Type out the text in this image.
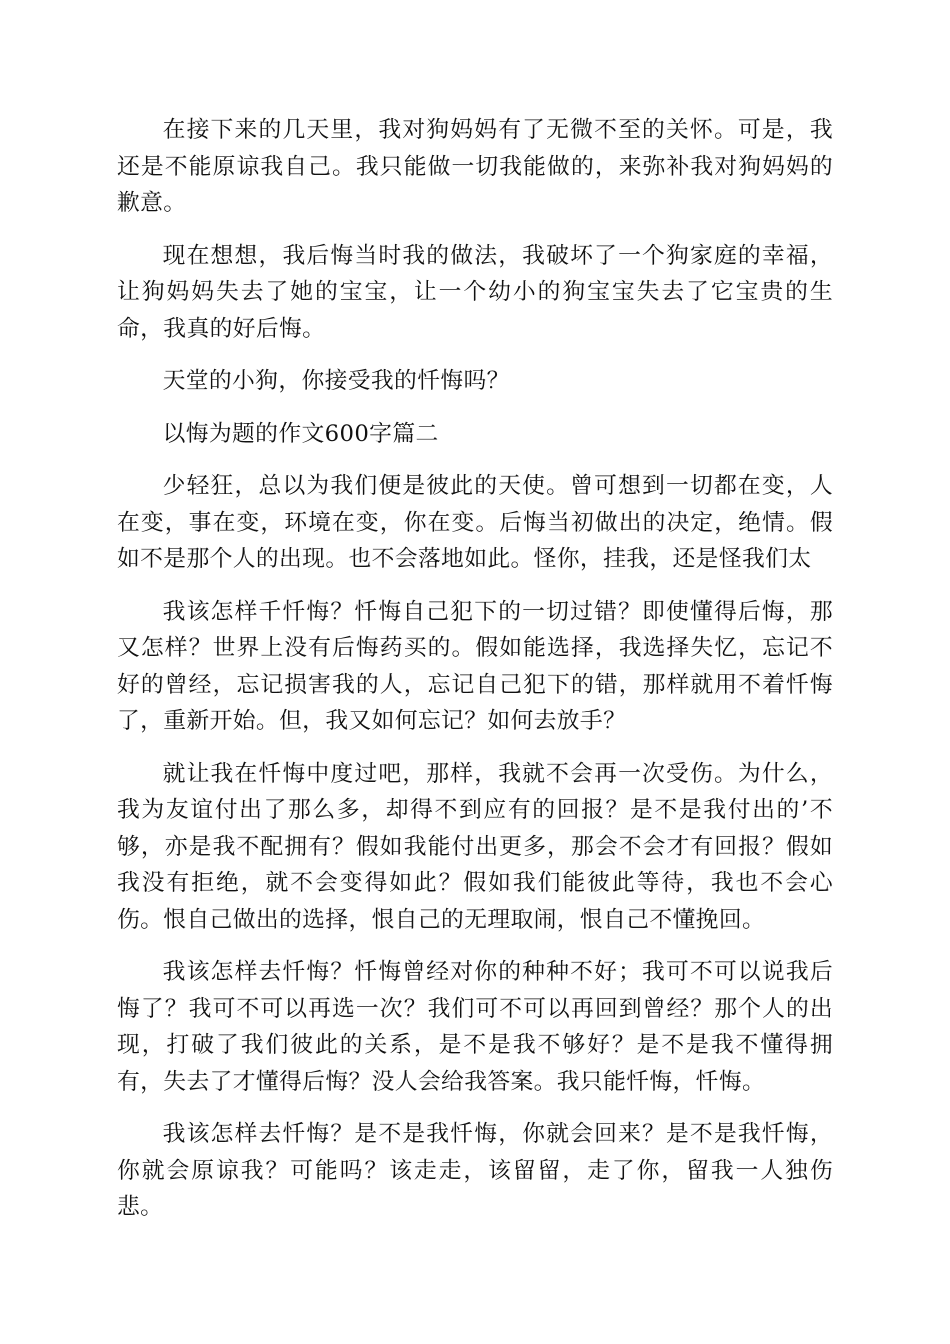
在接下来的几天里，我对狗妈妈有了无微不至的关怀。可是，我还是不能原谅我自己。我只能做一切我能做的，来弥补我对狗妈妈的歉意。

现在想想，我后悔当时我的做法，我破坏了一个狗家庭的幸福，让狗妈妈失去了她的宝宝，让一个幼小的狗宝宝失去了它宝贵的生命，我真的好后悔。

天堂的小狗，你接受我的忏悔吗？

以悔为题的作文600字篇二

少轻狂，总以为我们便是彼此的天使。曾可想到一切都在变，人在变，事在变，环境在变，你在变。后悔当初做出的决定，绝情。假如不是那个人的出现。也不会落地如此。怪你，挂我，还是怪我们太

我该怎样千忏悔？忏悔自己犯下的一切过错？即使懂得后悔，那又怎样？世界上没有后悔药买的。假如能选择，我选择失忆，忘记不好的曾经，忘记损害我的人，忘记自己犯下的错，那样就用不着忏悔了，重新开始。但，我又如何忘记？如何去放手？

就让我在忏悔中度过吧，那样，我就不会再一次受伤。为什么，我为友谊付出了那么多，却得不到应有的回报？是不是我付出的’不够，亦是我不配拥有？假如我能付出更多，那会不会才有回报？假如我没有拒绝，就不会变得如此？假如我们能彼此等待，我也不会心伤。恨自己做出的选择，恨自己的无理取闹，恨自己不懂挽回。

我该怎样去忏悔？忏悔曾经对你的种种不好；我可不可以说我后悔了？我可不可以再选一次？我们可不可以再回到曾经？那个人的出现，打破了我们彼此的关系，是不是我不够好？是不是我不懂得拥有，失去了才懂得后悔？没人会给我答案。我只能忏悔，忏悔。

我该怎样去忏悔？是不是我忏悔，你就会回来？是不是我忏悔，你就会原谅我？可能吗？该走走，该留留，走了你，留我一人独伤悲。
